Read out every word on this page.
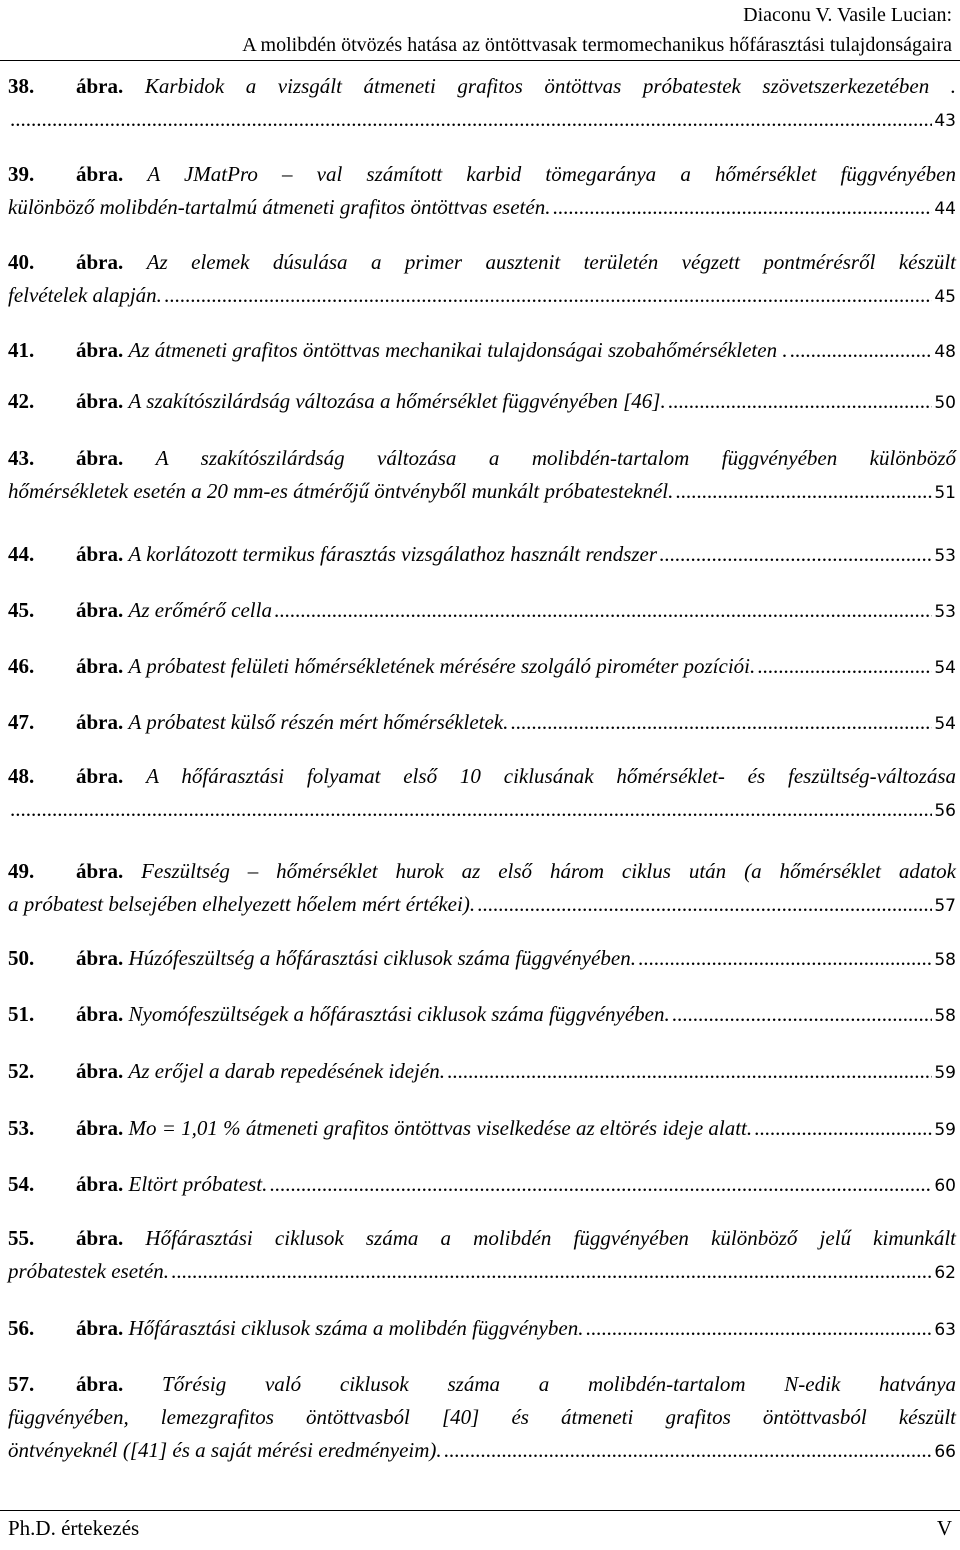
Diaconu V. Vasile Lucian:
A molibdén ötvözés hatása az öntöttvasak termomechanikus hőfárasztási tulajdonságaira
38. ábra. Karbidok a vizsgált átmeneti grafitos öntöttvas próbatestek szövetszerkezetében .
.....
43
39. ábra. A JMatPro – val számított karbid tömegaránya a hőmérséklet függvényében
különböző molibdén-tartalmú átmeneti grafitos öntöttvas esetén. .....	44
40. ábra. Az elemek dúsulása a primer ausztenit területén végzett pontmérésről készült
felvételek alapján. .....	45
41. ábra. Az átmeneti grafitos öntöttvas mechanikai tulajdonságai szobahőmérsékleten . .....	48
42. ábra. A szakítószilárdság változása a hőmérséklet függvényében [46]. .....	50
43. ábra. A szakítószilárdság változása a molibdén-tartalom függvényében különböző
hőmérsékletek esetén a 20 mm-es átmérőjű öntvényből munkált próbatesteknél. .....	51
44. ábra. A korlátozott termikus fárasztás vizsgálathoz használt rendszer .....	53
45. ábra. Az erőmérő cella .....	53
46. ábra. A próbatest felületi hőmérsékletének mérésére szolgáló pirométer pozíciói. .....	54
47. ábra. A próbatest külső részén mért hőmérsékletek. .....	54
48. ábra. A hőfárasztási folyamat első 10 ciklusának hőmérséklet- és feszültség-változása
.....
56
49. ábra. Feszültség – hőmérséklet hurok az első három ciklus után (a hőmérséklet adatok
a próbatest belsejében elhelyezett hőelem mért értékei). .....	57
50. ábra. Húzófeszültség a hőfárasztási ciklusok száma függvényében. .....	58
51. ábra. Nyomófeszültségek a hőfárasztási ciklusok száma függvényében. .....	58
52. ábra. Az erőjel a darab repedésének idején. .....	59
53. ábra. Mo = 1,01 % átmeneti grafitos öntöttvas viselkedése az eltörés ideje alatt. .....	59
54. ábra. Eltört próbatest. .....	60
55. ábra. Hőfárasztási ciklusok száma a molibdén függvényében különböző jelű kimunkált
próbatestek esetén. .....	62
56. ábra. Hőfárasztási ciklusok száma a molibdén függvényben. .....	63
57. ábra. Tőrésig való ciklusok száma a molibdén-tartalom N-edik hatványa
függvényében, lemezgrafitos öntöttvasból [40] és átmeneti grafitos öntöttvasból készült
öntvényeknél ([41] és a saját mérési eredményeim). .....	66
Ph.D. értekezés	V
